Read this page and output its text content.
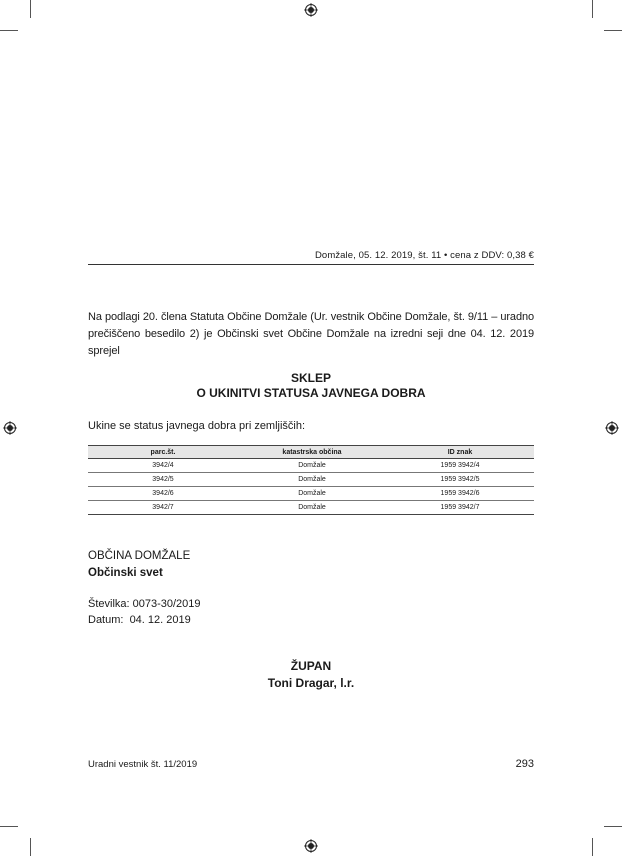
Domžale, 05. 12. 2019, št. 11 • cena z DDV: 0,38 €

Na podlagi 20. člena Statuta Občine Domžale (Ur. vestnik Občine Domžale, št. 9/11 – uradno prečiščeno besedilo 2) je Občinski svet Občine Domžale na izredni seji dne 04. 12. 2019 sprejel

SKLEP
O UKINITVI STATUSA JAVNEGA DOBRA
Ukine se status javnega dobra pri zemljiščih:
parc.št.	katastrska občina	ID znak
3942/4	Domžale	1959 3942/4
3942/5	Domžale	1959 3942/5
3942/6	Domžale	1959 3942/6
3942/7	Domžale	1959 3942/7
OBČINA DOMŽALE
Občinski svet
Številka: 0073-30/2019
Datum:  04. 12. 2019
ŽUPAN
Toni Dragar, l.r.
Uradni vestnik št. 11/2019	293
